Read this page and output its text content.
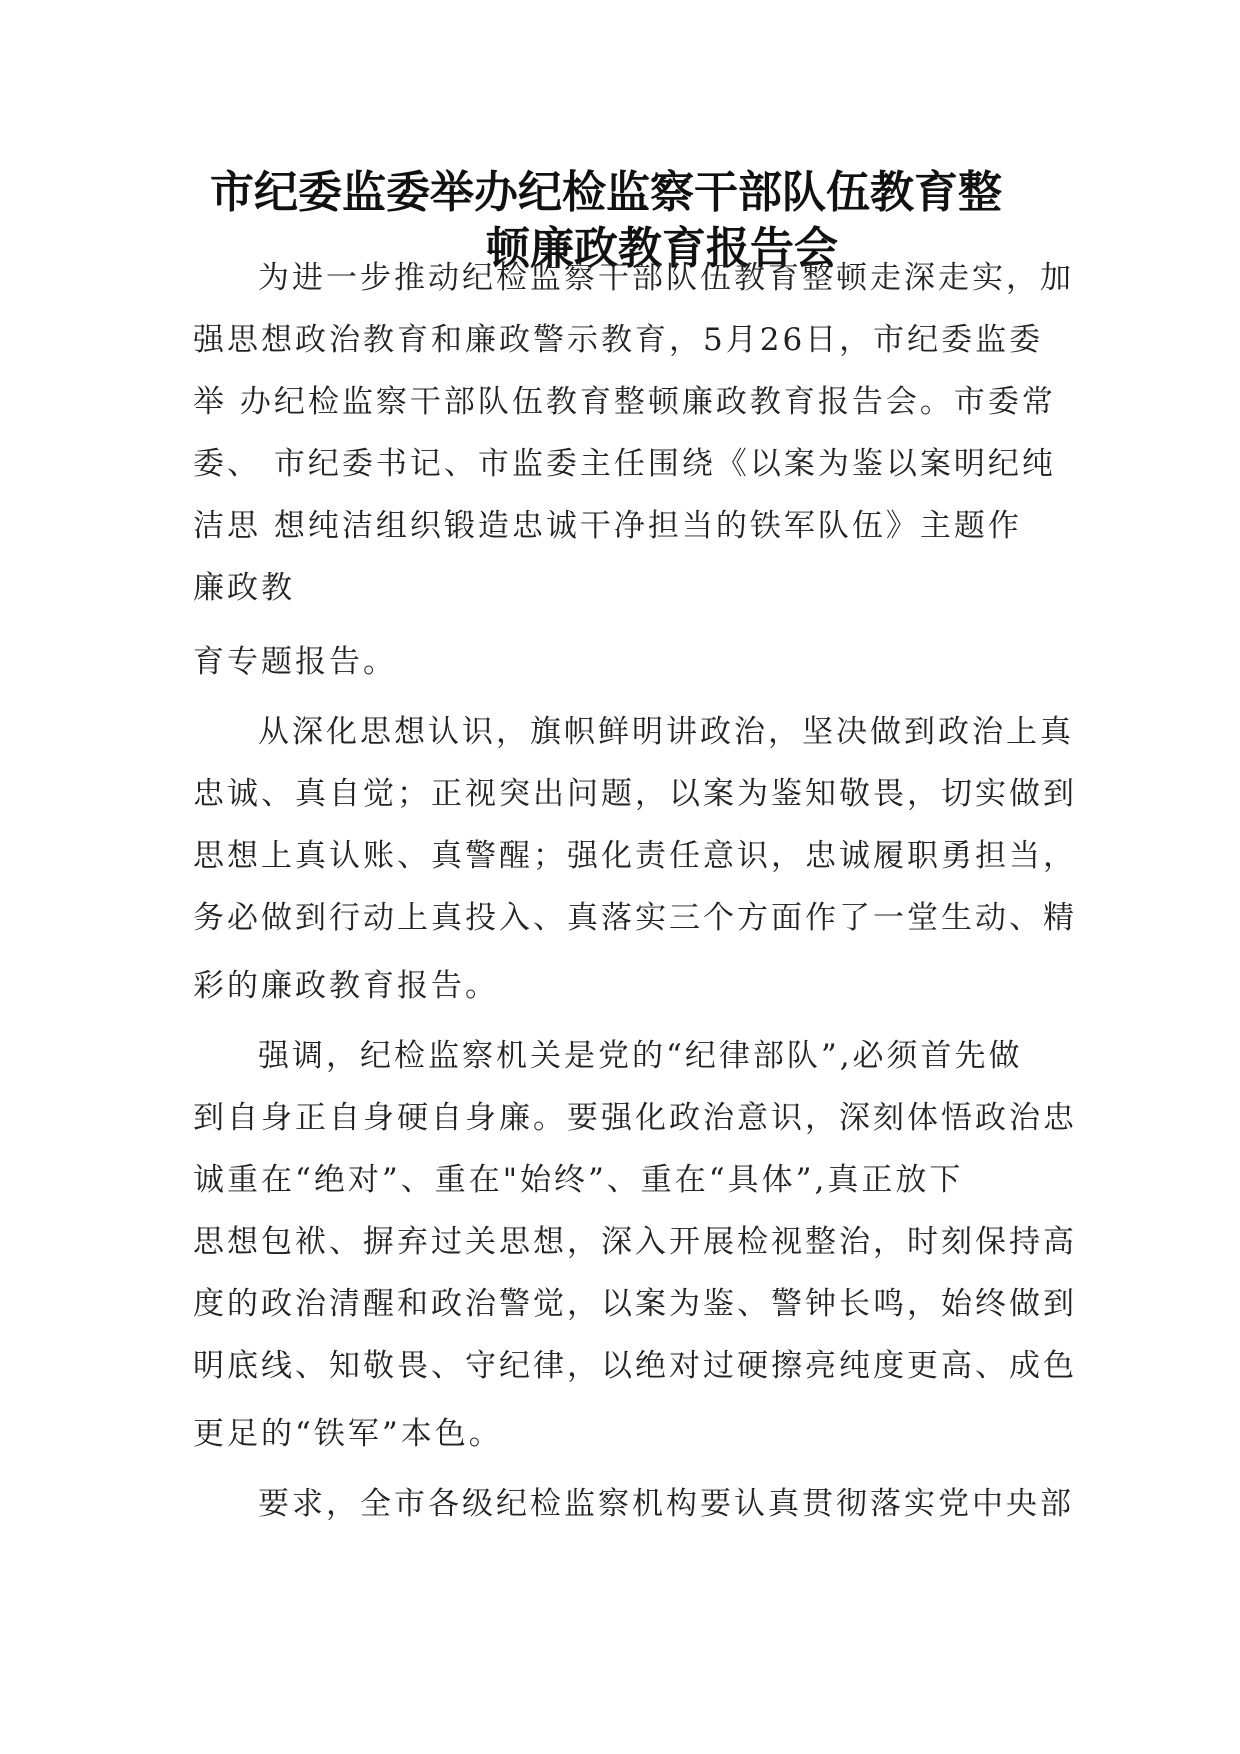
市纪委监委举办纪检监察干部队伍教育整
顿廉政教育报告会

为进一步推动纪检监察干部队伍教育整顿走深走实，加

强思想政治教育和廉政警示教育，5月26日，市纪委监委

举 办纪检监察干部队伍教育整顿廉政教育报告会。市委常

委、 市纪委书记、市监委主任围绕《以案为鉴以案明纪纯

洁思 想纯洁组织锻造忠诚干净担当的铁军队伍》主题作

廉政教

育专题报告。

从深化思想认识，旗帜鲜明讲政治，坚决做到政治上真

忠诚、真自觉；正视突出问题，以案为鉴知敬畏，切实做到

思想上真认账、真警醒；强化责任意识，忠诚履职勇担当，

务必做到行动上真投入、真落实三个方面作了一堂生动、精

彩的廉政教育报告。

强调，纪检监察机关是党的“纪律部队”,必须首先做

到自身正自身硬自身廉。要强化政治意识，深刻体悟政治忠

诚重在“绝对”、重在"始终”、重在“具体”,真正放下

思想包袱、摒弃过关思想，深入开展检视整治，时刻保持高

度的政治清醒和政治警觉，以案为鉴、警钟长鸣，始终做到

明底线、知敬畏、守纪律，以绝对过硬擦亮纯度更高、成色

更足的“铁军”本色。

要求，全市各级纪检监察机构要认真贯彻落实党中央部
